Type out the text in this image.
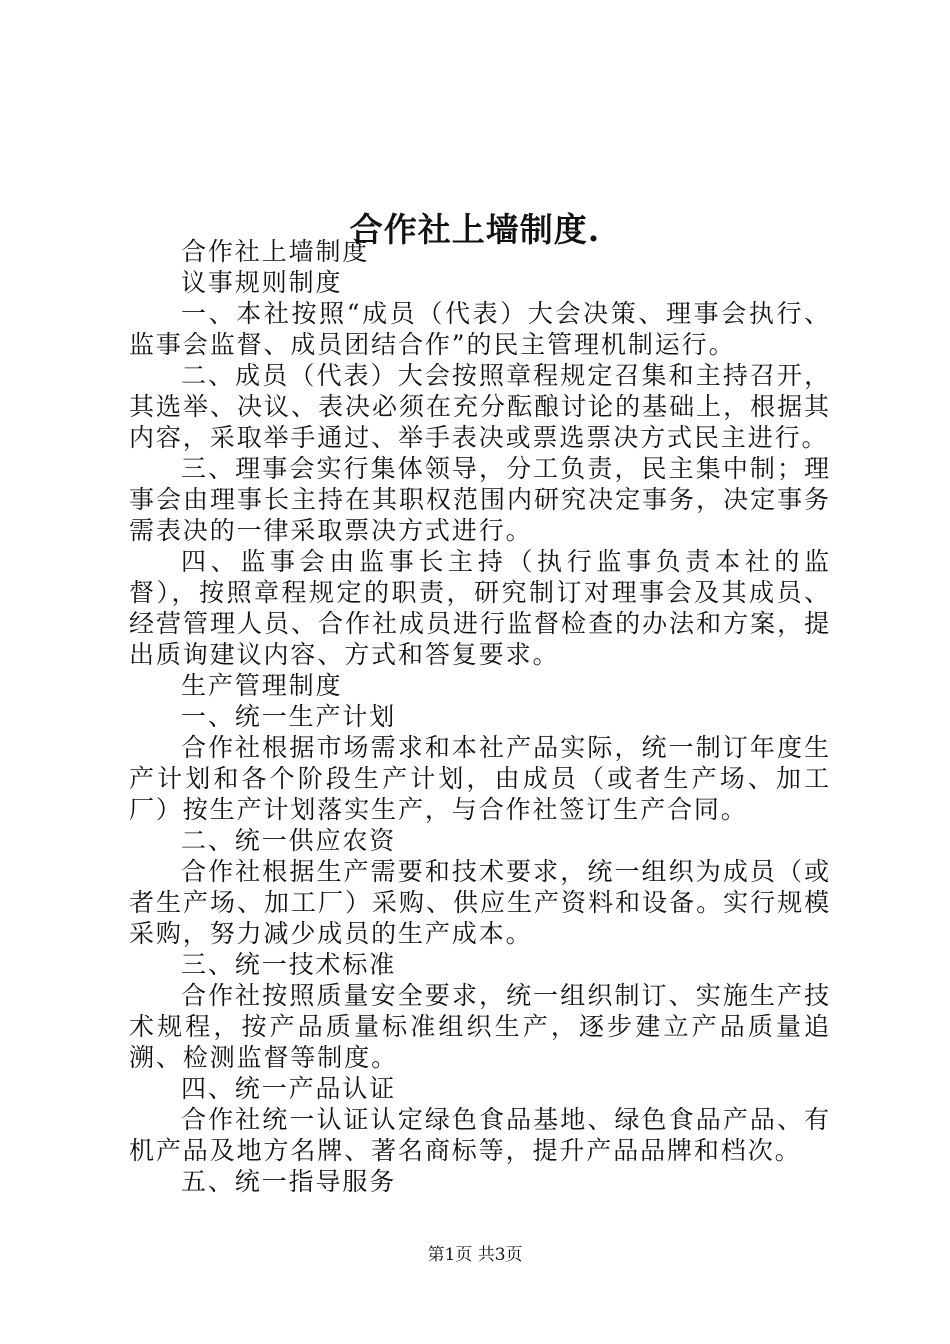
合作社上墙制度.

合作社上墙制度

议事规则制度

一、本社按照“成员（代表）大会决策、理事会执行、监事会监督、成员团结合作”的民主管理机制运行。

二、成员（代表）大会按照章程规定召集和主持召开，其选举、决议、表决必须在充分酝酿讨论的基础上，根据其内容，采取举手通过、举手表决或票选票决方式民主进行。

三、理事会实行集体领导，分工负责，民主集中制；理事会由理事长主持在其职权范围内研究决定事务，决定事务需表决的一律采取票决方式进行。

四、监事会由监事长主持（执行监事负责本社的监督），按照章程规定的职责，研究制订对理事会及其成员、经营管理人员、合作社成员进行监督检查的办法和方案，提出质询建议内容、方式和答复要求。

生产管理制度

一、统一生产计划

合作社根据市场需求和本社产品实际，统一制订年度生产计划和各个阶段生产计划，由成员（或者生产场、加工厂）按生产计划落实生产，与合作社签订生产合同。

二、统一供应农资

合作社根据生产需要和技术要求，统一组织为成员（或者生产场、加工厂）采购、供应生产资料和设备。实行规模采购，努力减少成员的生产成本。

三、统一技术标准

合作社按照质量安全要求，统一组织制订、实施生产技术规程，按产品质量标准组织生产，逐步建立产品质量追溯、检测监督等制度。

四、统一产品认证

合作社统一认证认定绿色食品基地、绿色食品产品、有机产品及地方名牌、著名商标等，提升产品品牌和档次。

五、统一指导服务

第1页 共3页
